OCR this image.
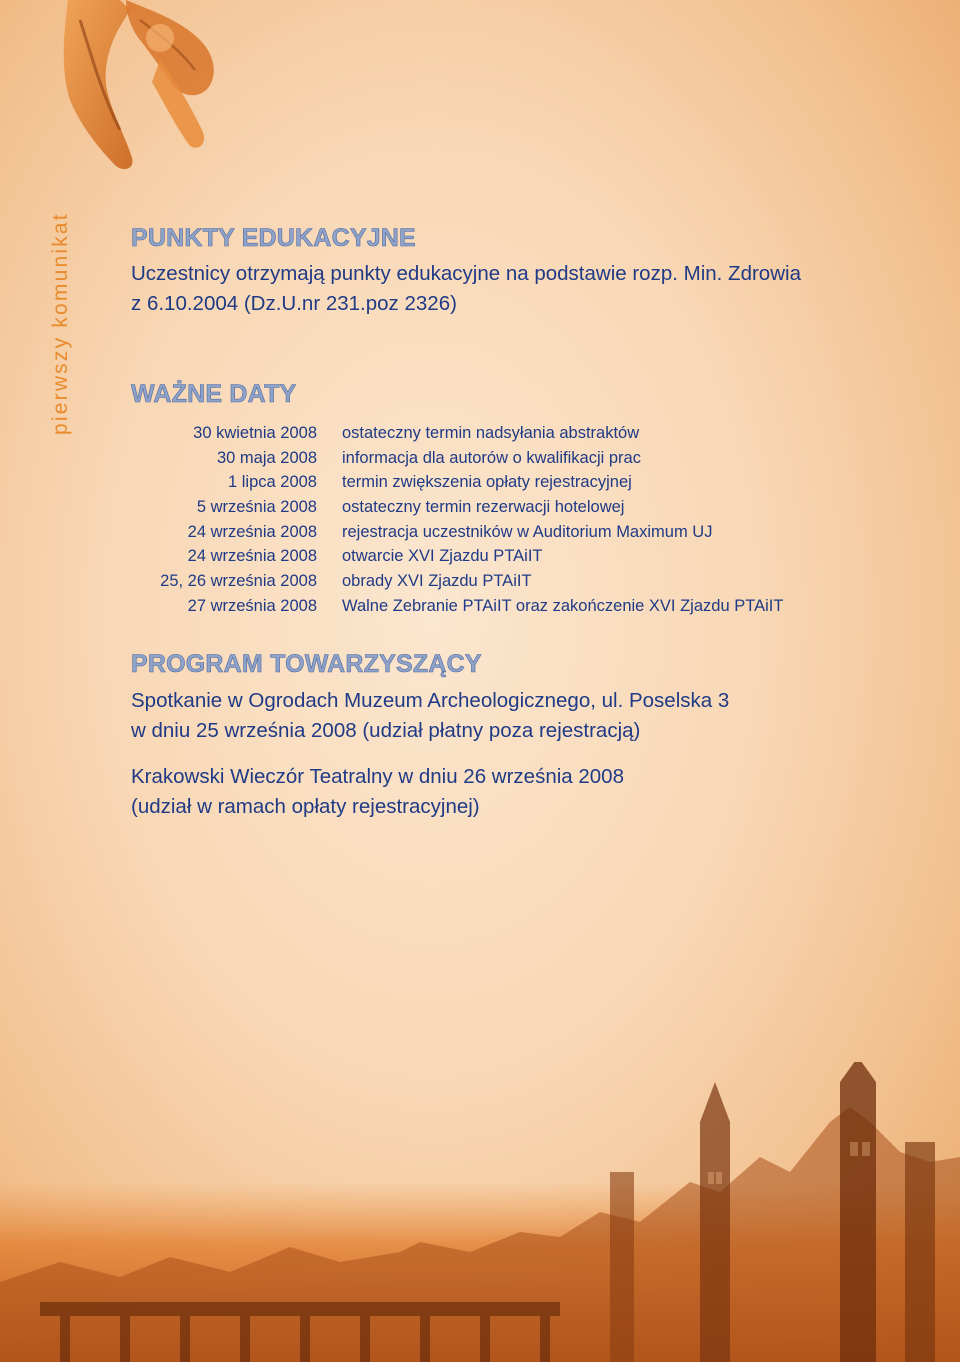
pierwszy komunikat PUNKTY EDUKACYJNE

Uczestnicy otrzymają punkty edukacyjne na podstawie rozp. Min. Zdrowia

z 6.10.2004 (Dz.U.nr 231.poz 2326)

WAŻNE DATY
30 kwietnia 2008	ostateczny termin nadsyłania abstraktów
30 maja 2008	informacja dla autorów o kwalifikacji prac
1 lipca 2008	termin zwiększenia opłaty rejestracyjnej
5 września 2008	ostateczny termin rezerwacji hotelowej
24 września 2008	rejestracja uczestników w Auditorium Maximum UJ
24 września 2008	otwarcie XVI Zjazdu PTAiIT
25, 26 września 2008	obrady XVI Zjazdu PTAiIT
27 września 2008	Walne Zebranie PTAiIT oraz zakończenie XVI Zjazdu PTAiIT
PROGRAM TOWARZYSZĄCY

Spotkanie w Ogrodach Muzeum Archeologicznego, ul. Poselska 3

w dniu 25 września 2008 (udział płatny poza rejestracją)

Krakowski Wieczór Teatralny w dniu 26 września 2008

(udział w ramach opłaty rejestracyjnej)
